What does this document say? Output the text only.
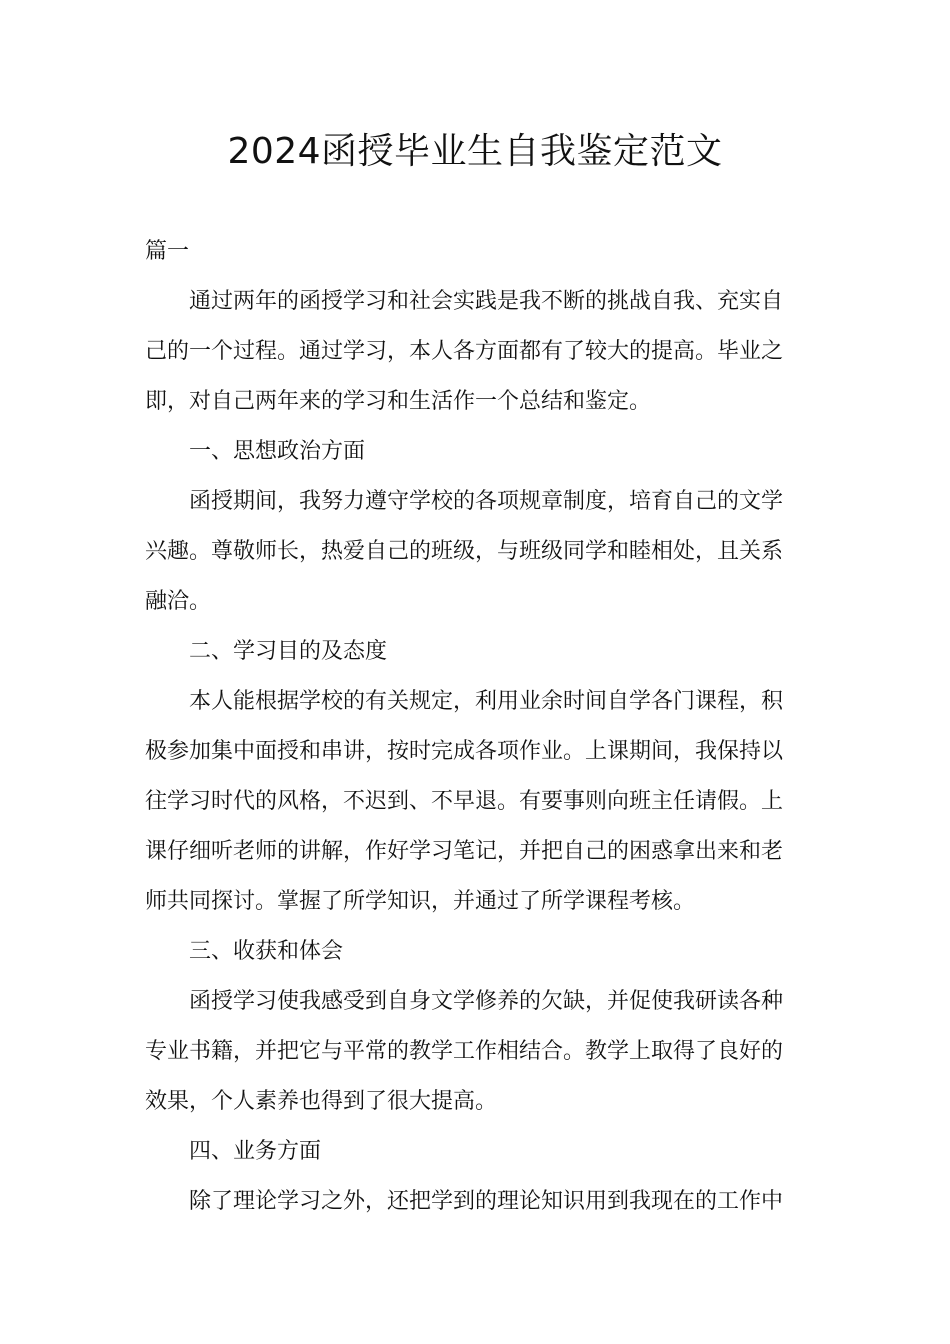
2024函授毕业生自我鉴定范文
篇一
通过两年的函授学习和社会实践是我不断的挑战自我、充实自
己的一个过程。通过学习，本人各方面都有了较大的提高。毕业之
即，对自己两年来的学习和生活作一个总结和鉴定。
一、思想政治方面
函授期间，我努力遵守学校的各项规章制度，培育自己的文学
兴趣。尊敬师长，热爱自己的班级，与班级同学和睦相处，且关系
融洽。
二、学习目的及态度
本人能根据学校的有关规定，利用业余时间自学各门课程，积
极参加集中面授和串讲，按时完成各项作业。上课期间，我保持以
往学习时代的风格，不迟到、不早退。有要事则向班主任请假。上
课仔细听老师的讲解，作好学习笔记，并把自己的困惑拿出来和老
师共同探讨。掌握了所学知识，并通过了所学课程考核。
三、收获和体会
函授学习使我感受到自身文学修养的欠缺，并促使我研读各种
专业书籍，并把它与平常的教学工作相结合。教学上取得了良好的
效果，个人素养也得到了很大提高。
四、业务方面
除了理论学习之外，还把学到的理论知识用到我现在的工作中
